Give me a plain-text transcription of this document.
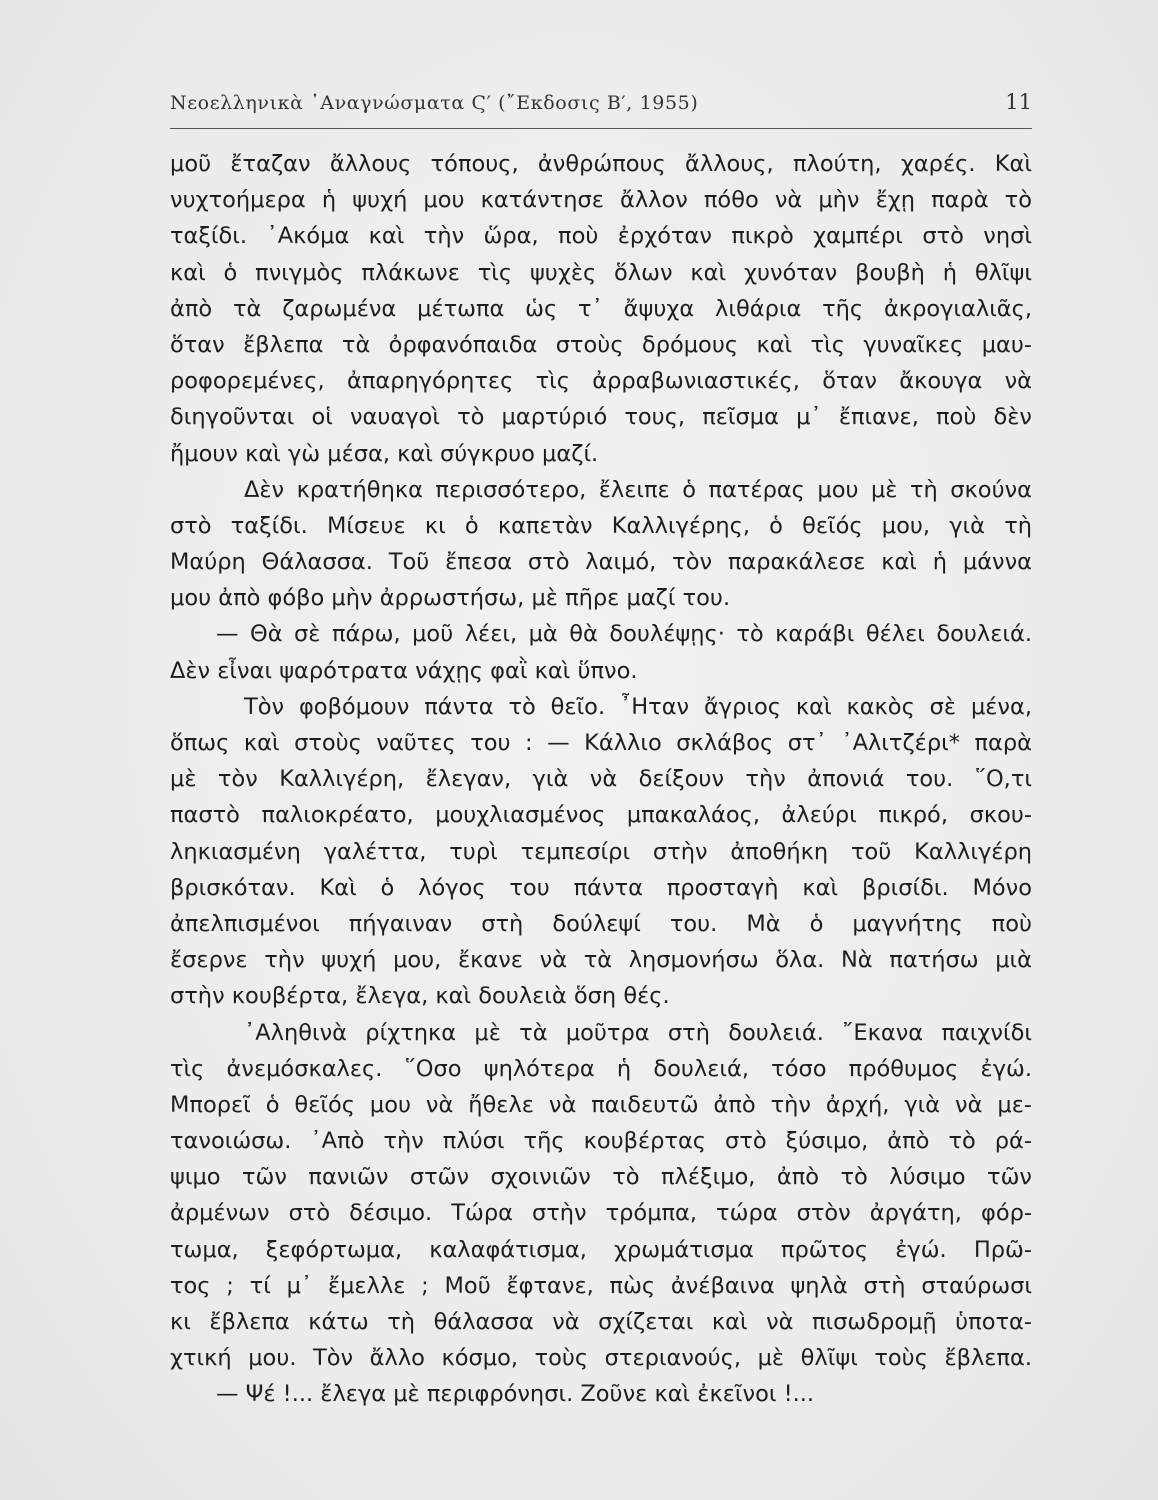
Νεοελληνικὰ ᾿Αναγνώσματα Ϛ′ (῎Εκδοσις Β′, 1955)	11
μοῦ ἔταζαν ἄλλους τόπους, ἀνθρώπους ἄλλους, πλούτη, χαρές. Καὶ
νυχτοήμερα ἡ ψυχή μου κατάντησε ἄλλον πόθο νὰ μὴν ἔχῃ παρὰ τὸ
ταξίδι. ᾿Ακόμα καὶ τὴν ὥρα, ποὺ ἐρχόταν πικρὸ χαμπέρι στὸ νησὶ
καὶ ὁ πνιγμὸς πλάκωνε τὶς ψυχὲς ὅλων καὶ χυνόταν βουβὴ ἡ θλῖψι
ἀπὸ τὰ ζαρωμένα μέτωπα ὡς τ᾿ ἄψυχα λιθάρια τῆς ἀκρογιαλιᾶς,
ὅταν ἔβλεπα τὰ ὀρφανόπαιδα στοὺς δρόμους καὶ τὶς γυναῖκες μαυ-
ροφορεμένες, ἀπαρηγόρητες τὶς ἀρραβωνιαστικές, ὅταν ἄκουγα νὰ
διηγοῦνται οἱ ναυαγοὶ τὸ μαρτύριό τους, πεῖσμα μ᾿ ἔπιανε, ποὺ δὲν
ἤμουν καὶ γὼ μέσα, καὶ σύγκρυο μαζί.
Δὲν κρατήθηκα περισσότερο, ἔλειπε ὁ πατέρας μου μὲ τὴ σκούνα
στὸ ταξίδι. Μίσευε κι ὁ καπετὰν Καλλιγέρης, ὁ θεῖός μου, γιὰ τὴ
Μαύρη Θάλασσα. Τοῦ ἔπεσα στὸ λαιμό, τὸν παρακάλεσε καὶ ἡ μάννα
μου ἀπὸ φόβο μὴν ἀρρωστήσω, μὲ πῆρε μαζί του.
— Θὰ σὲ πάρω, μοῦ λέει, μὰ θὰ δουλέψῃς· τὸ καράβι θέλει δουλειά.
Δὲν εἶναι ψαρότρατα νάχῃς φαῒ καὶ ὕπνο.
Τὸν φοβόμουν πάντα τὸ θεῖο. ῏Ηταν ἄγριος καὶ κακὸς σὲ μένα,
ὅπως καὶ στοὺς ναῦτες του : — Κάλλιο σκλάβος στ᾿ ᾿Αλιτζέρι* παρὰ
μὲ τὸν Καλλιγέρη, ἔλεγαν, γιὰ νὰ δείξουν τὴν ἀπονιά του. ῞Ο,τι
παστὸ παλιοκρέατο, μουχλιασμένος μπακαλάος, ἀλεύρι πικρό, σκου-
ληκιασμένη γαλέττα, τυρὶ τεμπεσίρι στὴν ἀποθήκη τοῦ Καλλιγέρη
βρισκόταν. Καὶ ὁ λόγος του πάντα προσταγὴ καὶ βρισίδι. Μόνο
ἀπελπισμένοι πήγαιναν στὴ δούλεψί του. Μὰ ὁ μαγνήτης ποὺ
ἔσερνε τὴν ψυχή μου, ἔκανε νὰ τὰ λησμονήσω ὅλα. Νὰ πατήσω μιὰ
στὴν κουβέρτα, ἔλεγα, καὶ δουλειὰ ὅση θές.
᾿Αληθινὰ ρίχτηκα μὲ τὰ μοῦτρα στὴ δουλειά. ῎Εκανα παιχνίδι
τὶς ἀνεμόσκαλες. ῞Οσο ψηλότερα ἡ δουλειά, τόσο πρόθυμος ἐγώ.
Μπορεῖ ὁ θεῖός μου νὰ ἤθελε νὰ παιδευτῶ ἀπὸ τὴν ἀρχή, γιὰ νὰ με-
τανοιώσω. ᾿Απὸ τὴν πλύσι τῆς κουβέρτας στὸ ξύσιμο, ἀπὸ τὸ ρά-
ψιμο τῶν πανιῶν στῶν σχοινιῶν τὸ πλέξιμο, ἀπὸ τὸ λύσιμο τῶν
ἀρμένων στὸ δέσιμο. Τώρα στὴν τρόμπα, τώρα στὸν ἀργάτη, φόρ-
τωμα, ξεφόρτωμα, καλαφάτισμα, χρωμάτισμα πρῶτος ἐγώ. Πρῶ-
τος ; τί μ᾿ ἔμελλε ; Μοῦ ἔφτανε, πὼς ἀνέβαινα ψηλὰ στὴ σταύρωσι
κι ἔβλεπα κάτω τὴ θάλασσα νὰ σχίζεται καὶ νὰ πισωδρομῇ ὑποτα-
χτική μου. Τὸν ἄλλο κόσμο, τοὺς στεριανούς, μὲ θλῖψι τοὺς ἔβλεπα.
— Ψέ !... ἔλεγα μὲ περιφρόνησι. Ζοῦνε καὶ ἐκεῖνοι !...
